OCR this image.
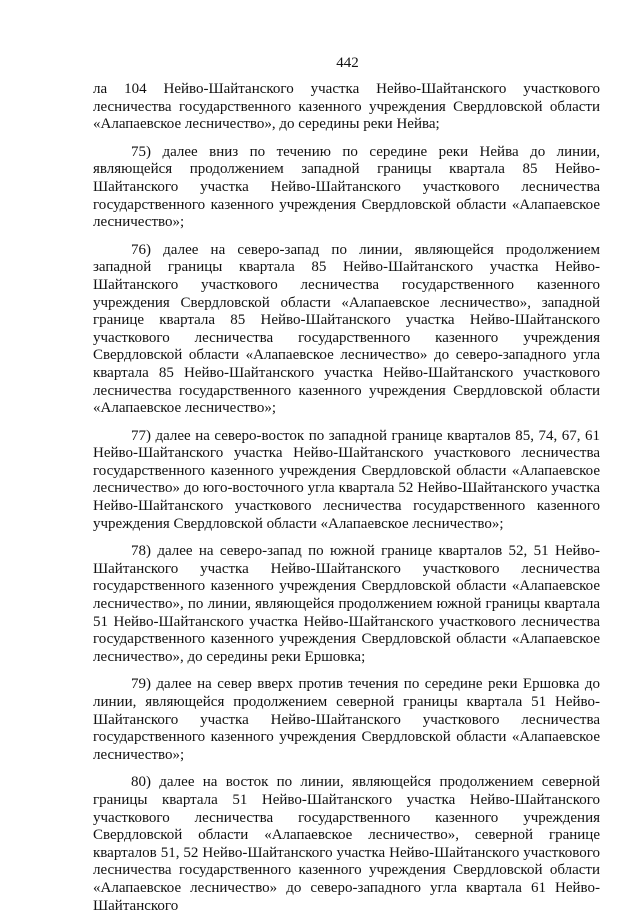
442

ла 104 Нейво-Шайтанского участка Нейво-Шайтанского участкового лесничества государственного казенного учреждения Свердловской области «Алапаевское лесничество», до середины реки Нейва;

75) далее вниз по течению по середине реки Нейва до линии, являющейся продолжением западной границы квартала 85 Нейво-Шайтанского участка Нейво-Шайтанского участкового лесничества государственного казенного учреждения Свердловской области «Алапаевское лесничество»;

76) далее на северо-запад по линии, являющейся продолжением западной границы квартала 85 Нейво-Шайтанского участка Нейво-Шайтанского участкового лесничества государственного казенного учреждения Свердловской области «Алапаевское лесничество», западной границе квартала 85 Нейво-Шайтанского участка Нейво-Шайтанского участкового лесничества государственного казенного учреждения Свердловской области «Алапаевское лесничество» до северо-западного угла квартала 85 Нейво-Шайтанского участка Нейво-Шайтанского участкового лесничества государственного казенного учреждения Свердловской области «Алапаевское лесничество»;

77) далее на северо-восток по западной границе кварталов 85, 74, 67, 61 Нейво-Шайтанского участка Нейво-Шайтанского участкового лесничества государственного казенного учреждения Свердловской области «Алапаевское лесничество» до юго-восточного угла квартала 52 Нейво-Шайтанского участка Нейво-Шайтанского участкового лесничества государственного казенного учреждения Свердловской области «Алапаевское лесничество»;

78) далее на северо-запад по южной границе кварталов 52, 51 Нейво-Шайтанского участка Нейво-Шайтанского участкового лесничества государственного казенного учреждения Свердловской области «Алапаевское лесничество», по линии, являющейся продолжением южной границы квартала 51 Нейво-Шайтанского участка Нейво-Шайтанского участкового лесничества государственного казенного учреждения Свердловской области «Алапаевское лесничество», до середины реки Ершовка;

79) далее на север вверх против течения по середине реки Ершовка до линии, являющейся продолжением северной границы квартала 51 Нейво-Шайтанского участка Нейво-Шайтанского участкового лесничества государственного казенного учреждения Свердловской области «Алапаевское лесничество»;

80) далее на восток по линии, являющейся продолжением северной границы квартала 51 Нейво-Шайтанского участка Нейво-Шайтанского участкового лесничества государственного казенного учреждения Свердловской области «Алапаевское лесничество», северной границе кварталов 51, 52 Нейво-Шайтанского участка Нейво-Шайтанского участкового лесничества государственного казенного учреждения Свердловской области «Алапаевское лесничество» до северо-западного угла квартала 61 Нейво-Шайтанского
